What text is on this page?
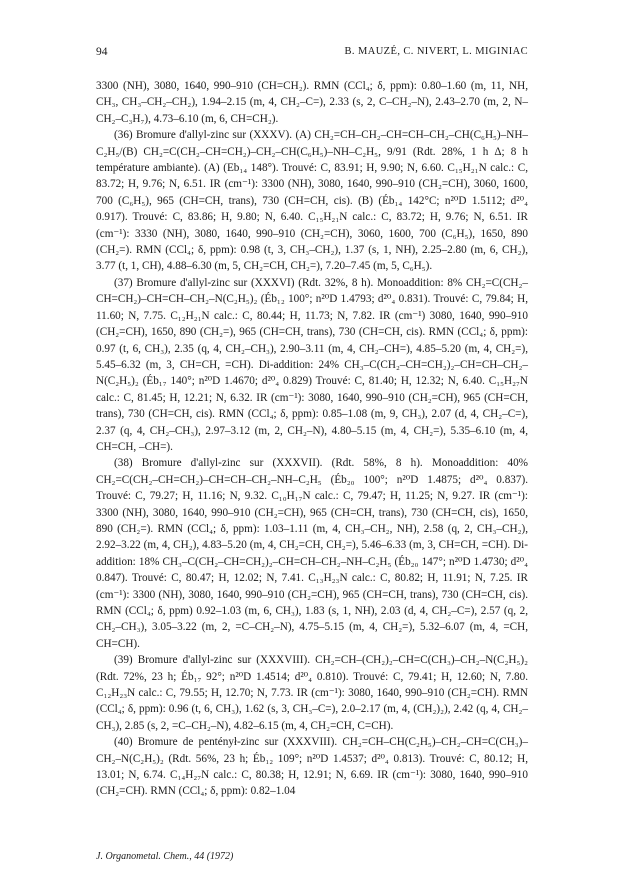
94	B. MAUZÉ, C. NIVERT, L. MIGINIAC

3300 (NH), 3080, 1640, 990–910 (CH=CH₂). RMN (CCl₄; δ, ppm): 0.80–1.60 (m, 11, NH, CH₃, CH₃–CH₂–CH₂), 1.94–2.15 (m, 4, CH₂–C=), 2.33 (s, 2, C–CH₂–N), 2.43–2.70 (m, 2, N–CH₂–C₃H₇), 4.73–6.10 (m, 6, CH=CH₂).

(36) Bromure d'allyl-zinc sur (XXXV). (A) CH₂=CH–CH₂–CH=CH–CH₂–CH(C₆H₅)–NH–C₂H₅/(B) CH₂=C(CH₂–CH=CH₂)–CH₂–CH(C₆H₅)–NH–C₂H₅, 9/91 (Rdt. 28%, 1 h Δ; 8 h température ambiante). (A) (Eb₁₄ 148°). Trouvé: C, 83.91; H, 9.90; N, 6.60. C₁₅H₂₁N calc.: C, 83.72; H, 9.76; N, 6.51. IR (cm⁻¹): 3300 (NH), 3080, 1640, 990–910 (CH₂=CH), 3060, 1600, 700 (C₆H₅), 965 (CH=CH, trans), 730 (CH=CH, cis). (B) (Éb₁₄ 142°C; n²⁰D 1.5112; d²⁰₄ 0.917). Trouvé: C, 83.86; H, 9.80; N, 6.40. C₁₅H₂₁N calc.: C, 83.72; H, 9.76; N, 6.51. IR (cm⁻¹): 3330 (NH), 3080, 1640, 990–910 (CH₂=CH), 3060, 1600, 700 (C₆H₅), 1650, 890 (CH₂=). RMN (CCl₄; δ, ppm): 0.98 (t, 3, CH₃–CH₂), 1.37 (s, 1, NH), 2.25–2.80 (m, 6, CH₂), 3.77 (t, 1, CH), 4.88–6.30 (m, 5, CH₂=CH, CH₂=), 7.20–7.45 (m, 5, C₆H₅).

(37) Bromure d'allyl-zinc sur (XXXVI) (Rdt. 32%, 8 h). Monoaddition: 8% CH₂=C(CH₂–CH=CH₂)–CH=CH–CH₂–N(C₂H₅)₂ (Éb₁₂ 100°; n²⁰D 1.4793; d²⁰₄ 0.831). Trouvé: C, 79.84; H, 11.60; N, 7.75. C₁₂H₂₁N calc.: C, 80.44; H, 11.73; N, 7.82. IR (cm⁻¹) 3080, 1640, 990–910 (CH₂=CH), 1650, 890 (CH₂=), 965 (CH=CH, trans), 730 (CH=CH, cis). RMN (CCl₄; δ, ppm): 0.97 (t, 6, CH₃), 2.35 (q, 4, CH₂–CH₃), 2.90–3.11 (m, 4, CH₂–CH=), 4.85–5.20 (m, 4, CH₂=), 5.45–6.32 (m, 3, CH=CH, =CH). Di-addition: 24% CH₃–C(CH₂–CH=CH₂)₂–CH=CH–CH₂–N(C₂H₅)₂ (Éb₁₇ 140°; n²⁰D 1.4670; d²⁰₄ 0.829) Trouvé: C, 81.40; H, 12.32; N, 6.40. C₁₅H₂₇N calc.: C, 81.45; H, 12.21; N, 6.32. IR (cm⁻¹): 3080, 1640, 990–910 (CH₂=CH), 965 (CH=CH, trans), 730 (CH=CH, cis). RMN (CCl₄; δ, ppm): 0.85–1.08 (m, 9, CH₃), 2.07 (d, 4, CH₂–C=), 2.37 (q, 4, CH₂–CH₃), 2.97–3.12 (m, 2, CH₂–N), 4.80–5.15 (m, 4, CH₂=), 5.35–6.10 (m, 4, CH=CH, –CH=).

(38) Bromure d'allyl-zinc sur (XXXVII). (Rdt. 58%, 8 h). Monoaddition: 40% CH₂=C(CH₂–CH=CH₂)–CH=CH–CH₂–NH–C₂H₅ (Éb₂₀ 100°; n²⁰D 1.4875; d²⁰₄ 0.837). Trouvé: C, 79.27; H, 11.16; N, 9.32. C₁₀H₁₇N calc.: C, 79.47; H, 11.25; N, 9.27. IR (cm⁻¹): 3300 (NH), 3080, 1640, 990–910 (CH₂=CH), 965 (CH=CH, trans), 730 (CH=CH, cis), 1650, 890 (CH₂=). RMN (CCl₄; δ, ppm): 1.03–1.11 (m, 4, CH₃–CH₂, NH), 2.58 (q, 2, CH₃–CH₂), 2.92–3.22 (m, 4, CH₂), 4.83–5.20 (m, 4, CH₂=CH, CH₂=), 5.46–6.33 (m, 3, CH=CH, =CH). Di-addition: 18% CH₃–C(CH₂–CH=CH₂)₂–CH=CH–CH₂–NH–C₂H₅ (Éb₂₀ 147°; n²⁰D 1.4730; d²⁰₄ 0.847). Trouvé: C, 80.47; H, 12.02; N, 7.41. C₁₃H₂₃N calc.: C, 80.82; H, 11.91; N, 7.25. IR (cm⁻¹): 3300 (NH), 3080, 1640, 990–910 (CH₂=CH), 965 (CH=CH, trans), 730 (CH=CH, cis). RMN (CCl₄; δ, ppm) 0.92–1.03 (m, 6, CH₃), 1.83 (s, 1, NH), 2.03 (d, 4, CH₂–C=), 2.57 (q, 2, CH₂–CH₃), 3.05–3.22 (m, 2, =C–CH₂–N), 4.75–5.15 (m, 4, CH₂=), 5.32–6.07 (m, 4, =CH, CH=CH).

(39) Bromure d'allyl-zinc sur (XXXVIII). CH₂=CH–(CH₂)₂–CH=C(CH₃)–CH₂–N(C₂H₅)₂ (Rdt. 72%, 23 h; Éb₁₇ 92°; n²⁰D 1.4514; d²⁰₄ 0.810). Trouvé: C, 79.41; H, 12.60; N, 7.80. C₁₂H₂₃N calc.: C, 79.55; H, 12.70; N, 7.73. IR (cm⁻¹): 3080, 1640, 990–910 (CH₂=CH). RMN (CCl₄; δ, ppm): 0.96 (t, 6, CH₃), 1.62 (s, 3, CH₃–C=), 2.0–2.17 (m, 4, (CH₂)₂), 2.42 (q, 4, CH₂–CH₃), 2.85 (s, 2, =C–CH₂–N), 4.82–6.15 (m, 4, CH₂=CH, C=CH).

(40) Bromure de penténył-zinc sur (XXXVIII). CH₂=CH–CH(C₂H₅)–CH₂–CH=C(CH₃)–CH₂–N(C₂H₅)₂ (Rdt. 56%, 23 h; Éb₁₂ 109°; n²⁰D 1.4537; d²⁰₄ 0.813). Trouvé: C, 80.12; H, 13.01; N, 6.74. C₁₄H₂₇N calc.: C, 80.38; H, 12.91; N, 6.69. IR (cm⁻¹): 3080, 1640, 990–910 (CH₂=CH). RMN (CCl₄; δ, ppm): 0.82–1.04

J. Organometal. Chem., 44 (1972)
